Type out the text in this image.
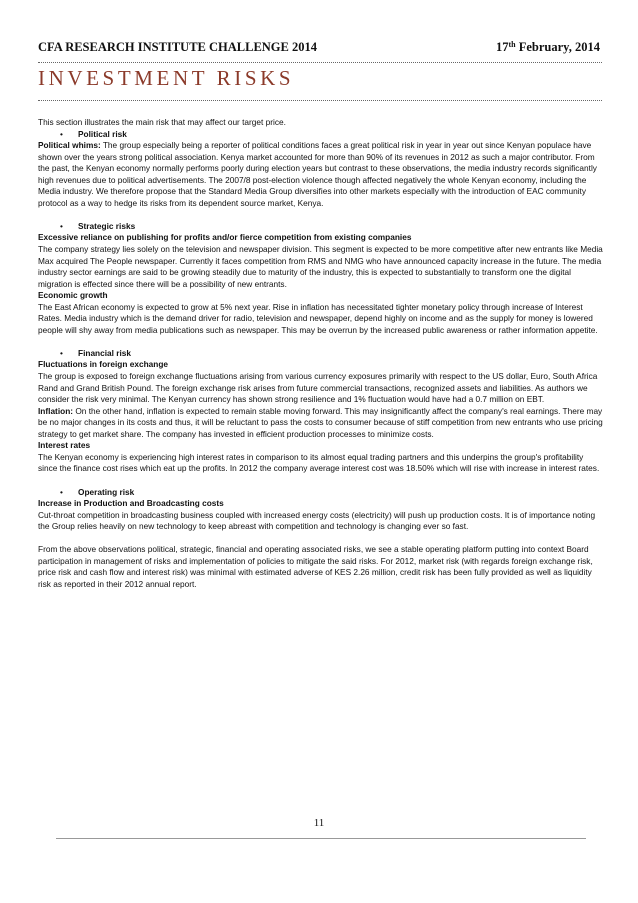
CFA RESEARCH INSTITUTE CHALLENGE 2014	17th February, 2014
INVESTMENT RISKS

This section illustrates the main risk that may affect our target price.

• Political risk

Political whims: The group especially being a reporter of political conditions faces a great political risk in year in year out since Kenyan populace have shown over the years strong political association. Kenya market accounted for more than 90% of its revenues in 2012 as such a major contributor. From the past, the Kenyan economy normally performs poorly during election years but contrast to these observations, the media industry records significantly high revenues due to political advertisements. The 2007/8 post-election violence though affected negatively the whole Kenyan economy, including the Media industry. We therefore propose that the Standard Media Group diversifies into other markets especially with the introduction of EAC community protocol as a way to hedge its risks from its dependent source market, Kenya.

• Strategic risks

Excessive reliance on publishing for profits and/or fierce competition from existing companies

The company strategy lies solely on the television and newspaper division. This segment is expected to be more competitive after new entrants like Media Max acquired The People newspaper. Currently it faces competition from RMS and NMG who have announced capacity increase in the future. The media industry sector earnings are said to be growing steadily due to maturity of the industry, this is expected to substantially to transform one the digital migration is effected since there will be a possibility of new entrants.

Economic growth

The East African economy is expected to grow at 5% next year. Rise in inflation has necessitated tighter monetary policy through increase of Interest Rates. Media industry which is the demand driver for radio, television and newspaper, depend highly on income and as the supply for money is lowered people will shy away from media publications such as newspaper. This may be overrun by the increased public awareness or rather information appetite.

• Financial risk

Fluctuations in foreign exchange

The group is exposed to foreign exchange fluctuations arising from various currency exposures primarily with respect to the US dollar, Euro, South Africa Rand and Grand British Pound. The foreign exchange risk arises from future commercial transactions, recognized assets and liabilities. As authors we consider the risk very minimal. The Kenyan currency has shown strong resilience and 1% fluctuation would have had a 0.7 million on EBT.

Inflation: On the other hand, inflation is expected to remain stable moving forward. This may insignificantly affect the company's real earnings. There may be no major changes in its costs and thus, it will be reluctant to pass the costs to consumer because of stiff competition from new entrants who use pricing strategy to get market share. The company has invested in efficient production processes to minimize costs.

Interest rates

The Kenyan economy is experiencing high interest rates in comparison to its almost equal trading partners and this underpins the group's profitability since the finance cost rises which eat up the profits. In 2012 the company average interest cost was 18.50% which will rise with increase in interest rates.

• Operating risk

Increase in Production and Broadcasting costs

Cut-throat competition in broadcasting business coupled with increased energy costs (electricity) will push up production costs. It is of importance noting the Group relies heavily on new technology to keep abreast with competition and technology is changing ever so fast.

From the above observations political, strategic, financial and operating associated risks, we see a stable operating platform putting into context Board participation in management of risks and implementation of policies to mitigate the said risks. For 2012, market risk (with regards foreign exchange risk, price risk and cash flow and interest risk) was minimal with estimated adverse of KES 2.26 million, credit risk has been fully provided as well as liquidity risk as reported in their 2012 annual report.

11
